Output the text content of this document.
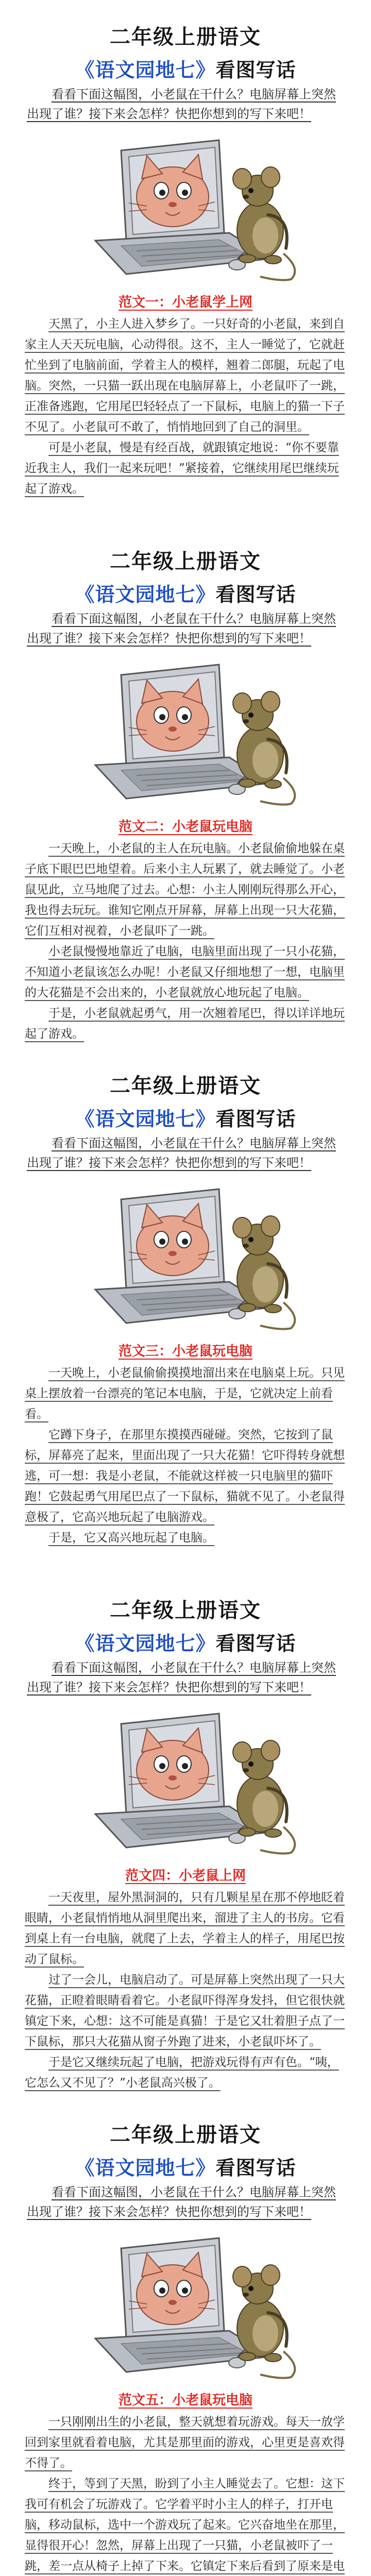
二年级上册语文
《语文园地七》看图写话

看看下面这幅图，小老鼠在干什么？电脑屏幕上突然出现了谁？接下来会怎样？快把你想到的写下来吧！

范文一：小老鼠学上网

天黑了，小主人进入梦乡了。一只好奇的小老鼠，来到自家主人天天玩电脑，心动得很。这不，主人一睡觉了，它就赶忙坐到了电脑前面，学着主人的模样，翘着二郎腿，玩起了电脑。突然，一只猫一跃出现在电脑屏幕上，小老鼠吓了一跳，正准备逃跑，它用尾巴轻轻点了一下鼠标，电脑上的猫一下子不见了。小老鼠可不敢了，悄悄地回到了自己的洞里。

可是小老鼠，慢是有经百战，就跟镇定地说：“你不要靠近我主人，我们一起来玩吧！”紧接着，它继续用尾巴继续玩起了游戏。

二年级上册语文
《语文园地七》看图写话

看看下面这幅图，小老鼠在干什么？电脑屏幕上突然出现了谁？接下来会怎样？快把你想到的写下来吧！

范文二：小老鼠玩电脑

一天晚上，小老鼠的主人在玩电脑。小老鼠偷偷地躲在桌子底下眼巴巴地望着。后来小主人玩累了，就去睡觉了。小老鼠见此，立马地爬了过去。心想：小主人刚刚玩得那么开心，我也得去玩玩。谁知它刚点开屏幕，屏幕上出现一只大花猫，它们互相对视着，小老鼠吓了一跳。

小老鼠慢慢地靠近了电脑，电脑里面出现了一只小花猫，不知道小老鼠该怎么办呢！小老鼠又仔细地想了一想，电脑里的大花猫是不会出来的，小老鼠就放心地玩起了电脑。

于是，小老鼠就起勇气，用一次翘着尾巴，得以详详地玩起了游戏。

二年级上册语文
《语文园地七》看图写话

看看下面这幅图，小老鼠在干什么？电脑屏幕上突然出现了谁？接下来会怎样？快把你想到的写下来吧！

范文三：小老鼠玩电脑

一天晚上，小老鼠偷偷摸摸地溜出来在电脑桌上玩。只见桌上摆放着一台漂亮的笔记本电脑，于是，它就决定上前看看。

它蹲下身子，在那里东摸摸西碰碰。突然，它按到了鼠标，屏幕亮了起来，里面出现了一只大花猫！它吓得转身就想逃，可一想：我是小老鼠，不能就这样被一只电脑里的猫吓跑！它鼓起勇气用尾巴点了一下鼠标，猫就不见了。小老鼠得意极了，它高兴地玩起了电脑游戏。

于是，它又高兴地玩起了电脑。

二年级上册语文
《语文园地七》看图写话

看看下面这幅图，小老鼠在干什么？电脑屏幕上突然出现了谁？接下来会怎样？快把你想到的写下来吧！

范文四：小老鼠上网

一天夜里，屋外黑洞洞的，只有几颗星星在那不停地眨着眼睛，小老鼠悄悄地从洞里爬出来，溜进了主人的书房。它看到桌上有一台电脑，就爬了上去，学着主人的样子，用尾巴按动了鼠标。

过了一会儿，电脑启动了。可是屏幕上突然出现了一只大花猫，正瞪着眼睛看着它。小老鼠吓得浑身发抖，但它很快就镇定下来，心想：这不可能是真猫！于是它又壮着胆子点了一下鼠标，那只大花猫从窗子外跑了进来，小老鼠吓坏了。

于是它又继续玩起了电脑，把游戏玩得有声有色。“咦，它怎么又不见了？”小老鼠高兴极了。

二年级上册语文
《语文园地七》看图写话

看看下面这幅图，小老鼠在干什么？电脑屏幕上突然出现了谁？接下来会怎样？快把你想到的写下来吧！

范文五：小老鼠玩电脑

一只刚刚出生的小老鼠，整天就想着玩游戏。每天一放学回到家里就看着电脑，尤其是那里面的游戏，心里更是喜欢得不得了。

终于，等到了天黑，盼到了小主人睡觉去了。它想：这下我可有机会了玩游戏了。它学着平时小主人的样子，打开电脑，移动鼠标，选中一个游戏玩了起来。它兴奋地坐在那里，显得很开心！忽然，屏幕上出现了一只猫，小老鼠被吓了一跳，差一点从椅子上掉了下来。它镇定下来后看到了原来是电
